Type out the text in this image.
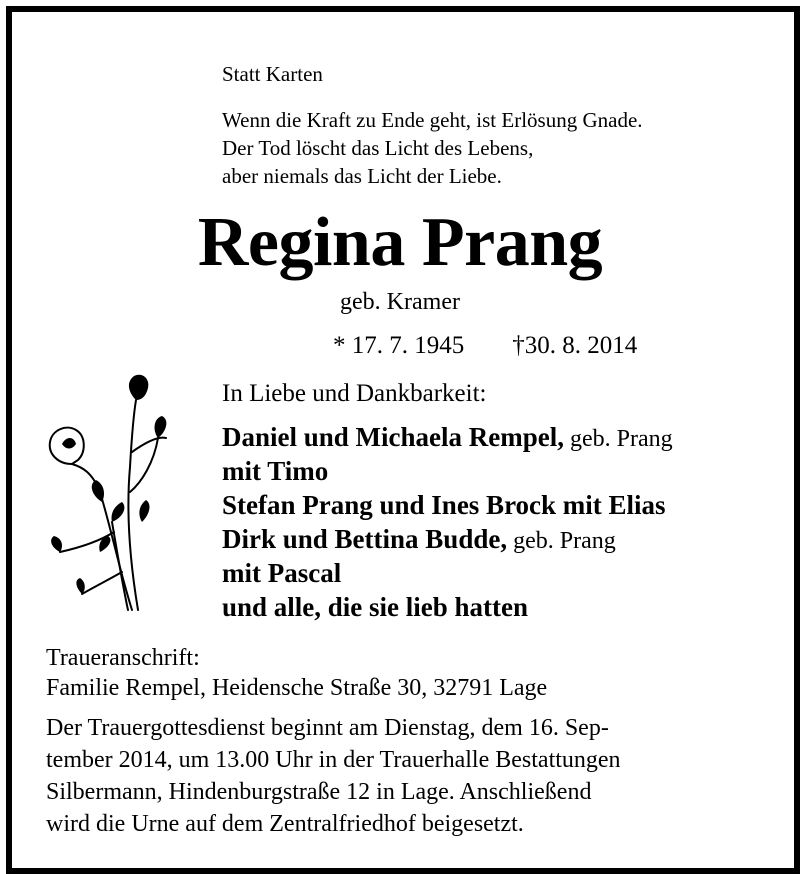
Statt Karten
Wenn die Kraft zu Ende geht, ist Erlösung Gnade.
Der Tod löscht das Licht des Lebens,
aber niemals das Licht der Liebe.
Regina Prang
geb. Kramer
* 17. 7. 1945 †30. 8. 2014
In Liebe und Dankbarkeit:
Daniel und Michaela Rempel, geb. Prang
mit Timo
Stefan Prang und Ines Brock mit Elias
Dirk und Bettina Budde, geb. Prang
mit Pascal
und alle, die sie lieb hatten
Traueranschrift:
Familie Rempel, Heidensche Straße 30, 32791 Lage
Der Trauergottesdienst beginnt am Dienstag, dem 16. Sep-
tember 2014, um 13.00 Uhr in der Trauerhalle Bestattungen
Silbermann, Hindenburgstraße 12 in Lage. Anschließend
wird die Urne auf dem Zentralfriedhof beigesetzt.
